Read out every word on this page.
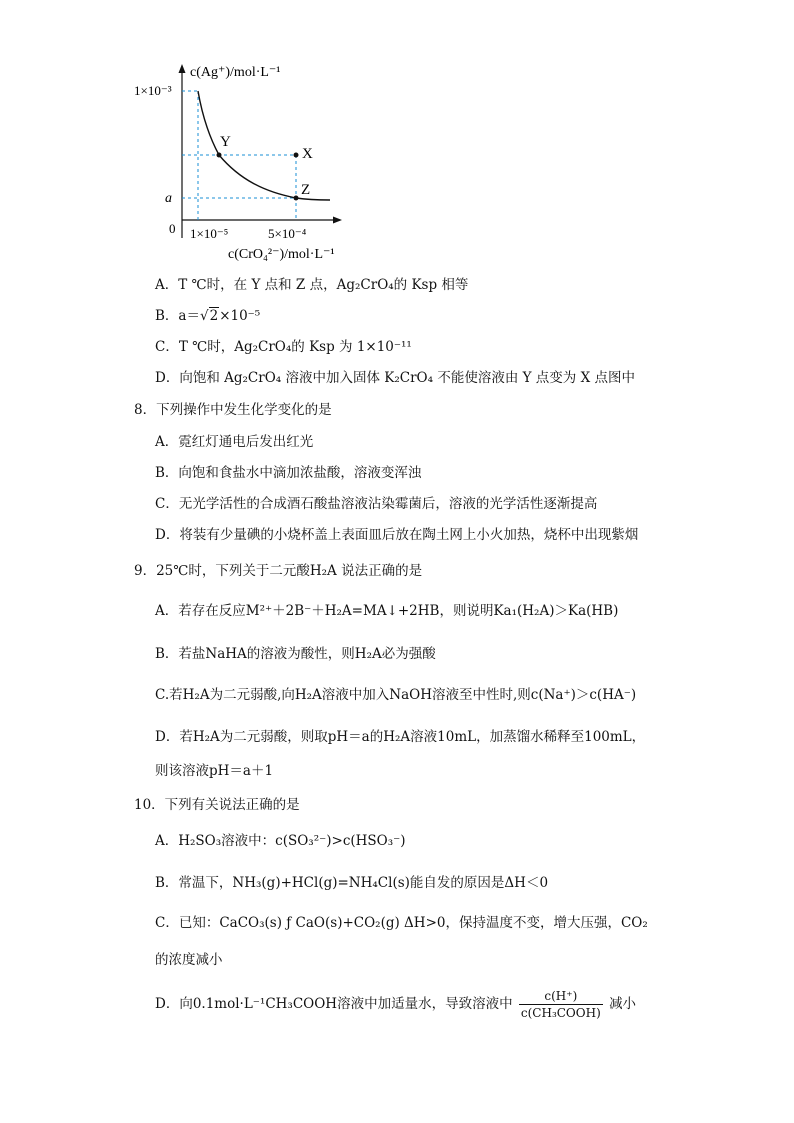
c(Ag⁺)/mol·L⁻¹
1×10⁻³
a
0 1×10⁻⁵	5×10⁻⁴
c(CrO₄²⁻)/mol·L⁻¹
Y
X
Z
A．T ℃时，在 Y 点和 Z 点，Ag₂CrO₄的 Ksp 相等
B．a＝√2×10⁻⁵
C．T ℃时，Ag₂CrO₄的 Ksp 为 1×10⁻¹¹
D．向饱和 Ag₂CrO₄ 溶液中加入固体 K₂CrO₄ 不能使溶液由 Y 点变为 X 点图中
8．下列操作中发生化学变化的是
A．霓红灯通电后发出红光
B．向饱和食盐水中滴加浓盐酸，溶液变浑浊
C．无光学活性的合成酒石酸盐溶液沾染霉菌后，溶液的光学活性逐渐提高
D．将装有少量碘的小烧杯盖上表面皿后放在陶土网上小火加热，烧杯中出现紫烟
9．25℃时，下列关于二元酸H₂A 说法正确的是
A．若存在反应M²⁺＋2B⁻＋H₂A=MA↓+2HB，则说明Ka₁(H₂A)＞Ka(HB)
B．若盐NaHA的溶液为酸性，则H₂A必为强酸
C.若H₂A为二元弱酸,向H₂A溶液中加入NaOH溶液至中性时,则c(Na⁺)＞c(HA⁻)
D．若H₂A为二元弱酸，则取pH＝a的H₂A溶液10mL，加蒸馏水稀释至100mL，
则该溶液pH＝a＋1
10．下列有关说法正确的是
A．H₂SO₃溶液中：c(SO₃²⁻)>c(HSO₃⁻)
B．常温下，NH₃(g)+HCl(g)=NH₄Cl(s)能自发的原因是ΔH＜0
C．已知：CaCO₃(s) ƒ CaO(s)+CO₂(g) ΔH>0，保持温度不变，增大压强，CO₂
的浓度减小
D．向0.1mol·L⁻¹CH₃COOH溶液中加适量水，导致溶液中 $\frac{c(H^+)}{\text{c(CH₃COOH)}}$ 减小
